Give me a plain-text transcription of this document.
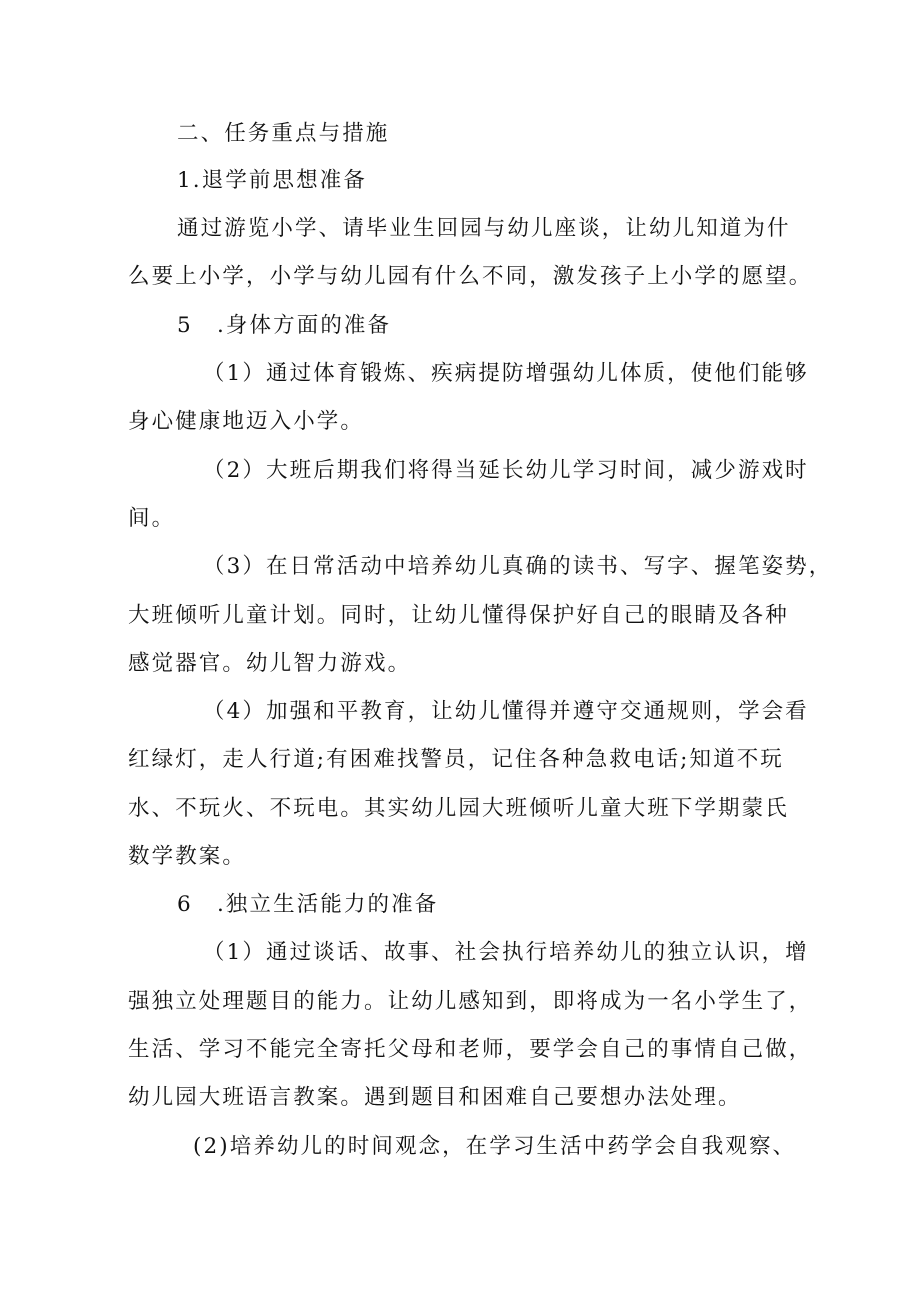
二、任务重点与措施
1.退学前思想准备
通过游览小学、请毕业生回园与幼儿座谈，让幼儿知道为什
么要上小学，小学与幼儿园有什么不同，激发孩子上小学的愿望。
5 .身体方面的准备
（1）通过体育锻炼、疾病提防增强幼儿体质，使他们能够
身心健康地迈入小学。
（2）大班后期我们将得当延长幼儿学习时间，减少游戏时
间。
（3）在日常活动中培养幼儿真确的读书、写字、握笔姿势，
大班倾听儿童计划。同时，让幼儿懂得保护好自己的眼睛及各种
感觉器官。幼儿智力游戏。
（4）加强和平教育，让幼儿懂得并遵守交通规则，学会看
红绿灯，走人行道;有困难找警员，记住各种急救电话;知道不玩
水、不玩火、不玩电。其实幼儿园大班倾听儿童大班下学期蒙氏
数学教案。
6 .独立生活能力的准备
（1）通过谈话、故事、社会执行培养幼儿的独立认识，增
强独立处理题目的能力。让幼儿感知到，即将成为一名小学生了，
生活、学习不能完全寄托父母和老师，要学会自己的事情自己做，
幼儿园大班语言教案。遇到题目和困难自己要想办法处理。
(2)培养幼儿的时间观念，在学习生活中药学会自我观察、
